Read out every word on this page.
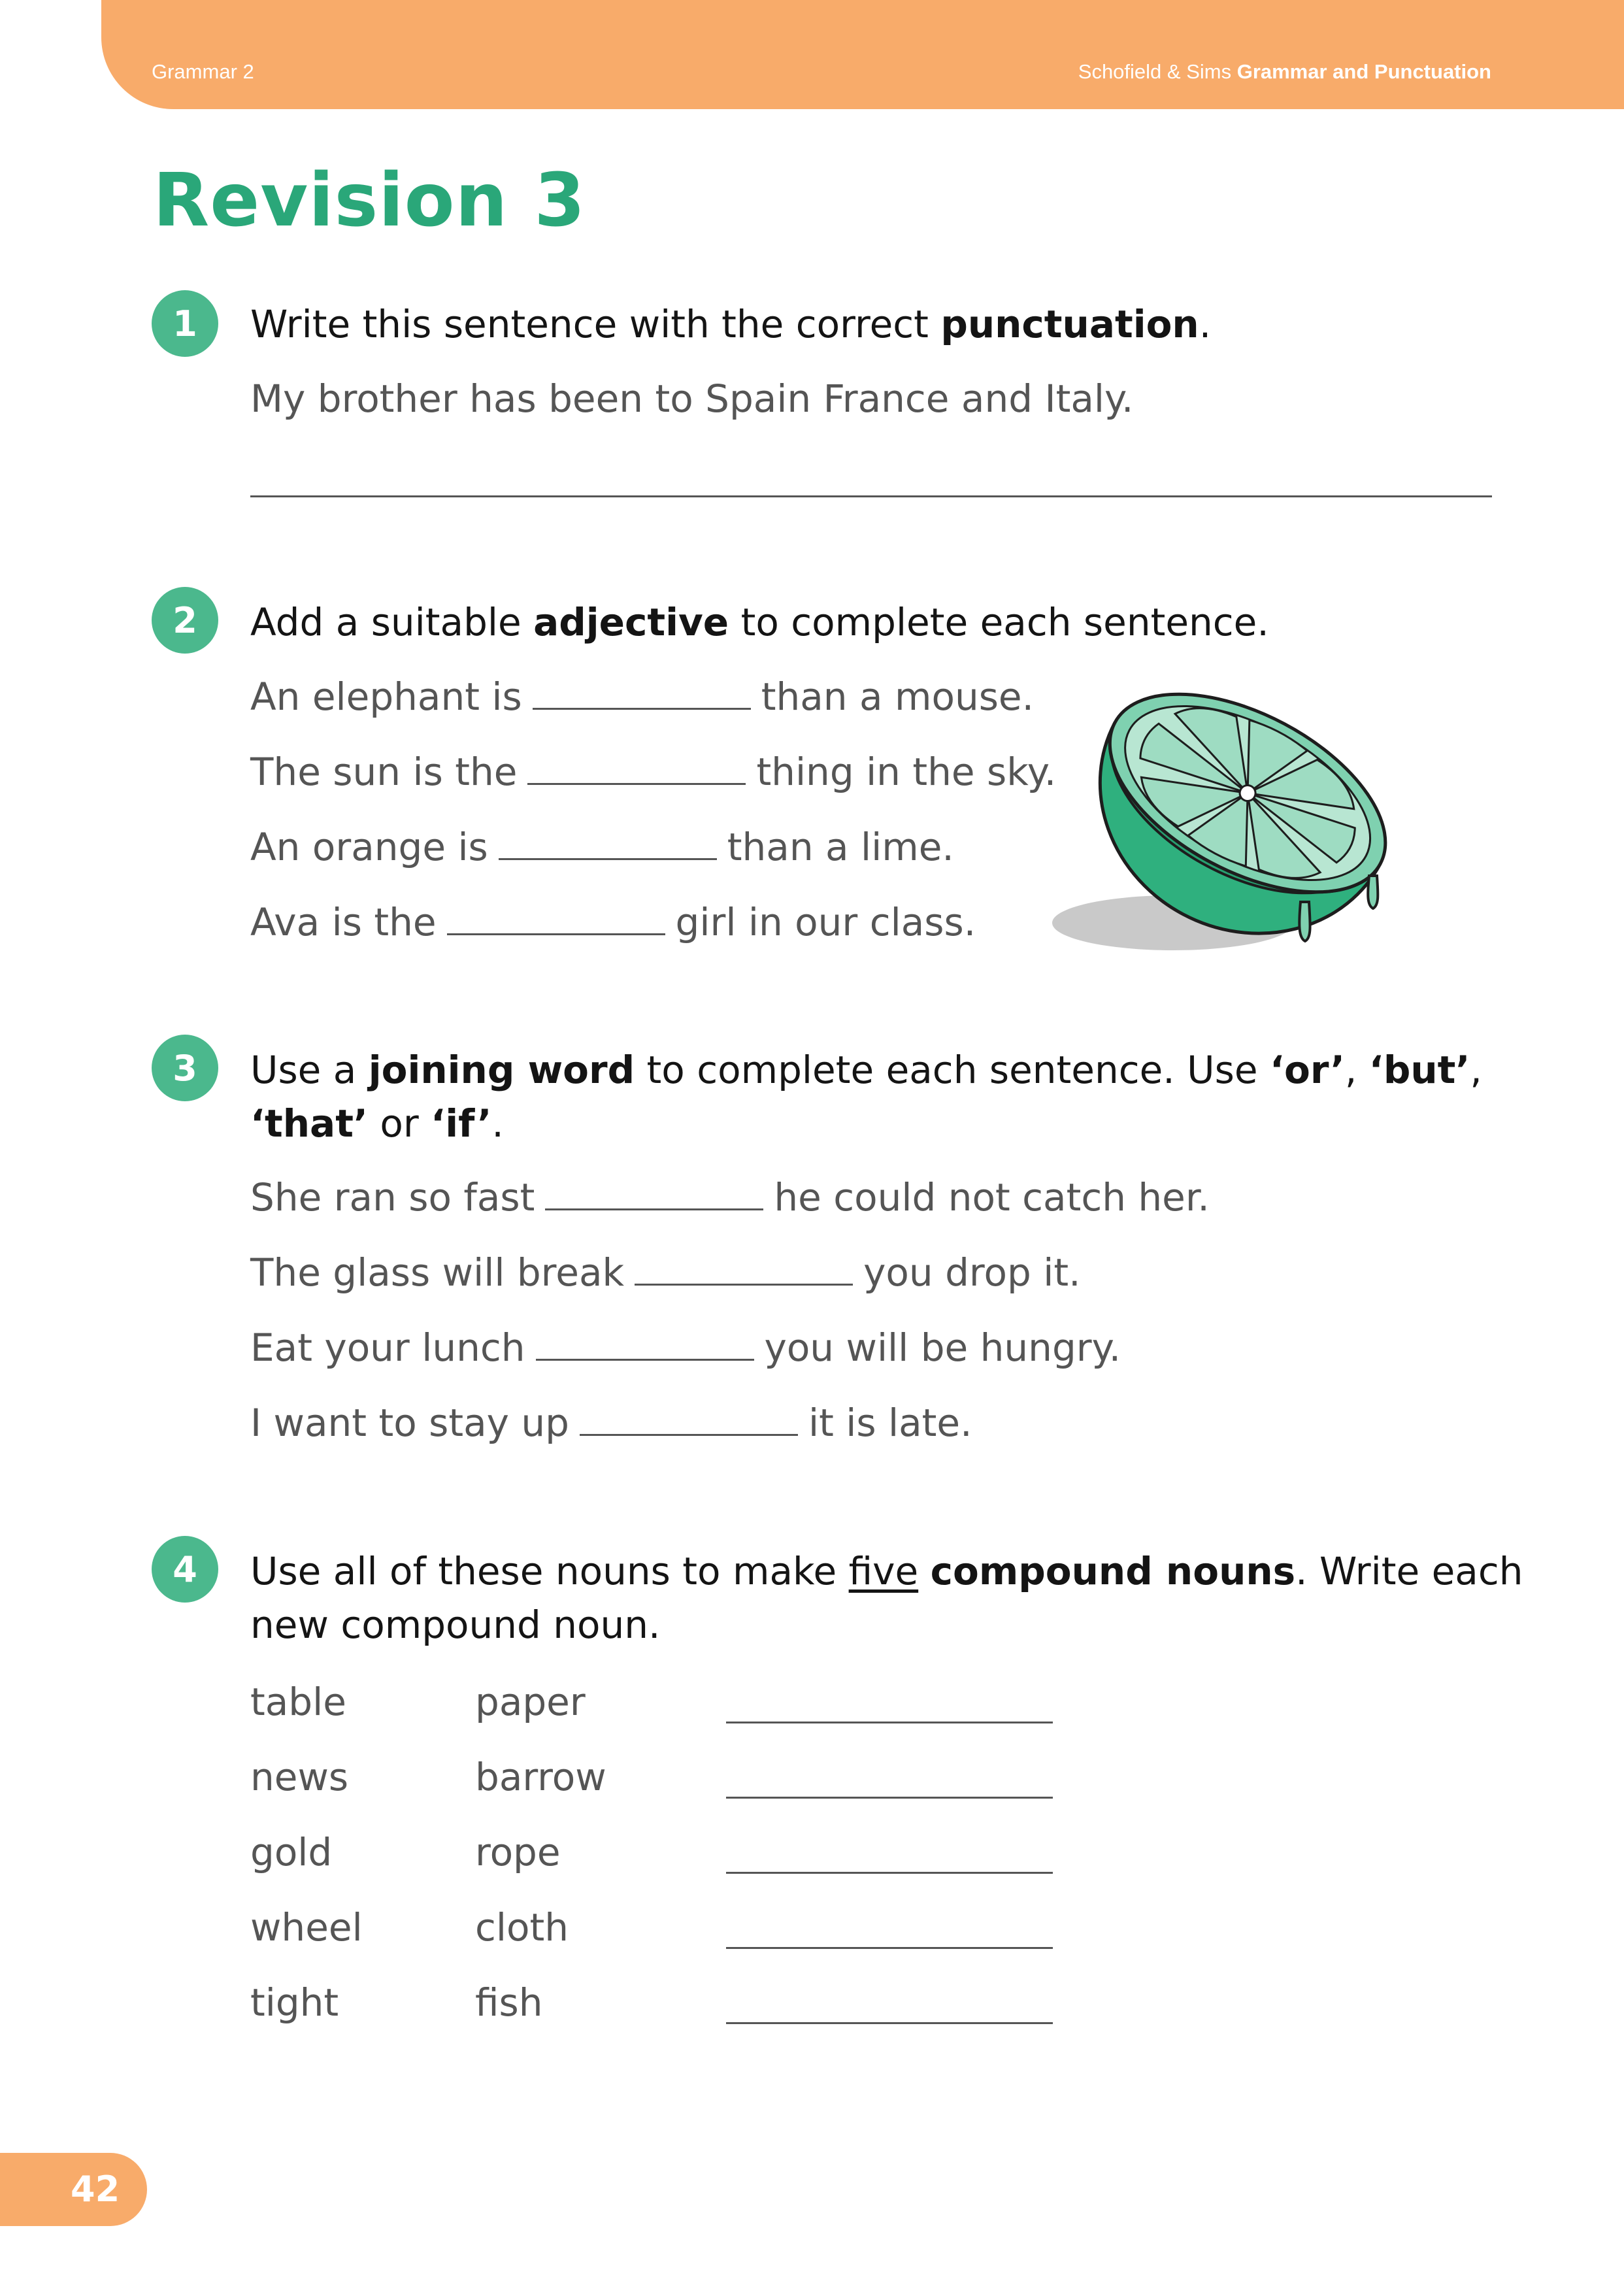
Grammar 2	Schofield & Sims Grammar and Punctuation
Revision 3
1	Write this sentence with the correct punctuation.
My brother has been to Spain France and Italy.
2	Add a suitable adjective to complete each sentence.
An elephant is	than a mouse.
The sun is the	thing in the sky.
An orange is	than a lime.
Ava is the	girl in our class.
3	Use a joining word to complete each sentence. Use ‘or’, ‘but’,
‘that’ or ‘if’.
She ran so fast	he could not catch her.
The glass will break	you drop it.
Eat your lunch	you will be hungry.
I want to stay up	it is late.
4	Use all of these nouns to make five compound nouns. Write each
new compound noun.
table	paper
news	barrow
gold	rope
wheel	cloth
tight	fish
42
